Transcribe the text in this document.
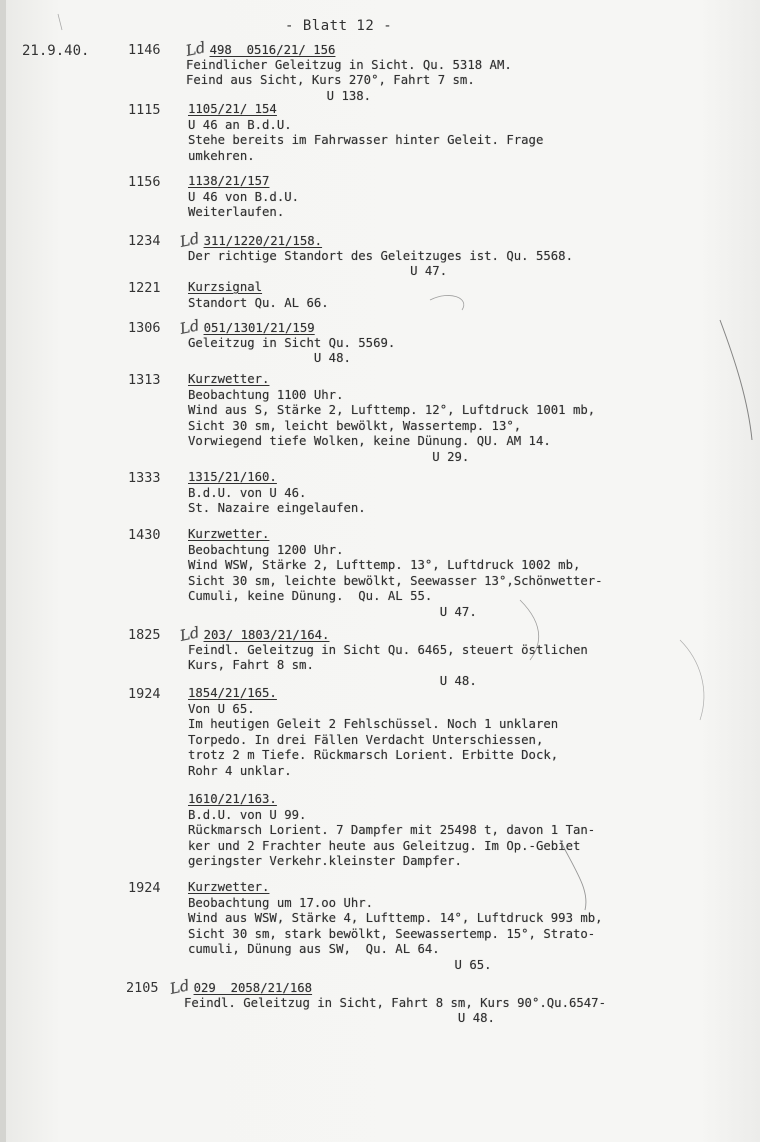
- Blatt 12 -
21.9.40.	1146 Ld 498  0516/21/ 156
Feindlicher Geleitzug in Sicht. Qu. 5318 AM.
Feind aus Sicht, Kurs 270°, Fahrt 7 sm.
U 138.
1115 1105/21/ 154
U 46 an B.d.U.
Stehe bereits im Fahrwasser hinter Geleit. Frage
umkehren.
1156 1138/21/157
U 46 von B.d.U.
Weiterlaufen.
1234 Ld 311/1220/21/158.
Der richtige Standort des Geleitzuges ist. Qu. 5568.
U 47.
1221 Kurzsignal
Standort Qu. AL 66.
1306 Ld 051/1301/21/159
Geleitzug in Sicht Qu. 5569.
U 48.
1313 Kurzwetter.
Beobachtung 1100 Uhr.
Wind aus S, Stärke 2, Lufttemp. 12°, Luftdruck 1001 mb,
Sicht 30 sm, leicht bewölkt, Wassertemp. 13°,
Vorwiegend tiefe Wolken, keine Dünung. QU. AM 14.
U 29.
1333 1315/21/160.
B.d.U. von U 46.
St. Nazaire eingelaufen.
1430 Kurzwetter.
Beobachtung 1200 Uhr.
Wind WSW, Stärke 2, Lufttemp. 13°, Luftdruck 1002 mb,
Sicht 30 sm, leichte bewölkt, Seewasser 13°,Schönwetter-
Cumuli, keine Dünung.  Qu. AL 55.
U 47.
1825 Ld 203/ 1803/21/164.
Feindl. Geleitzug in Sicht Qu. 6465, steuert östlichen
Kurs, Fahrt 8 sm.
U 48.
1924 1854/21/165.
Von U 65.
Im heutigen Geleit 2 Fehlschüssel. Noch 1 unklaren
Torpedo. In drei Fällen Verdacht Unterschiessen,
trotz 2 m Tiefe. Rückmarsch Lorient. Erbitte Dock,
Rohr 4 unklar.
1610/21/163.
B.d.U. von U 99.
Rückmarsch Lorient. 7 Dampfer mit 25498 t, davon 1 Tan-
ker und 2 Frachter heute aus Geleitzug. Im Op.-Gebiet
geringster Verkehr.kleinster Dampfer.
1924 Kurzwetter.
Beobachtung um 17.oo Uhr.
Wind aus WSW, Stärke 4, Lufttemp. 14°, Luftdruck 993 mb,
Sicht 30 sm, stark bewölkt, Seewassertemp. 15°, Strato-
cumuli, Dünung aus SW,  Qu. AL 64.
U 65.
2105 Ld 029  2058/21/168
Feindl. Geleitzug in Sicht, Fahrt 8 sm, Kurs 90°.Qu.6547-
U 48.
